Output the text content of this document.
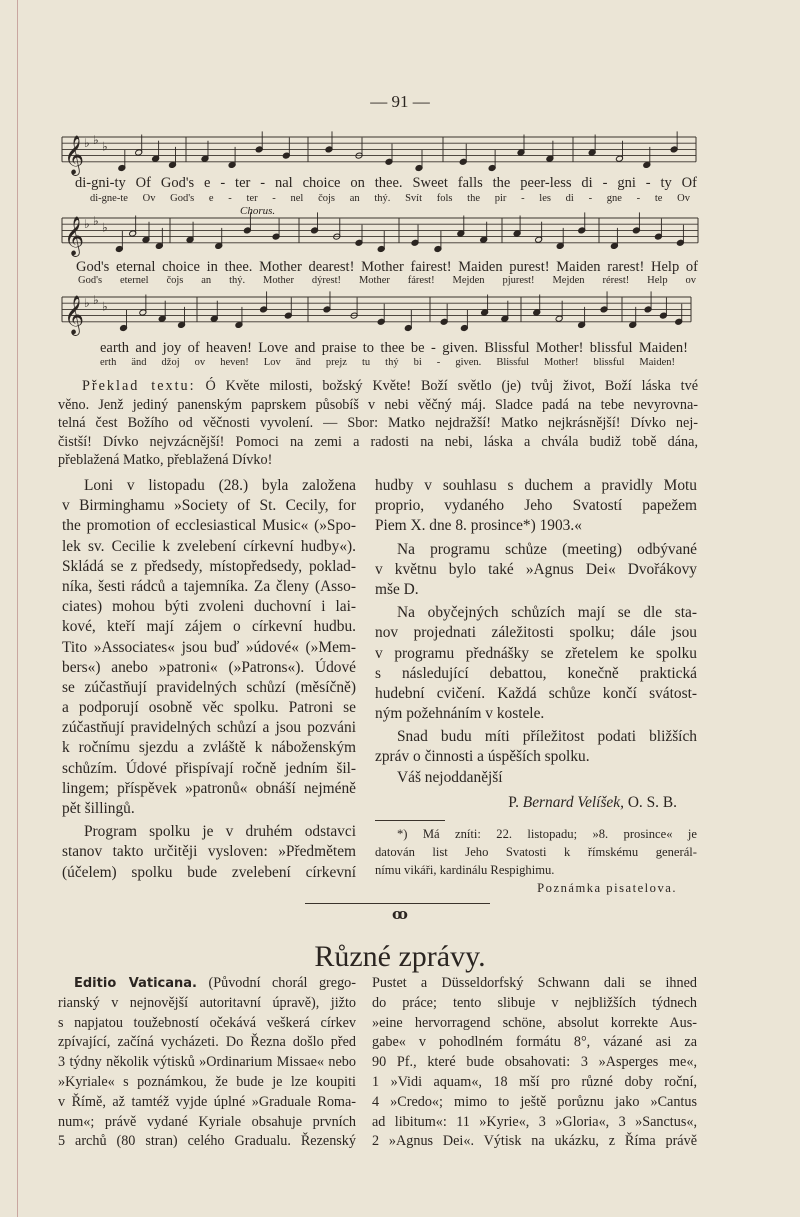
— 91 —
𝄞 ♭ ♭ ♭
𝄞 ♭ ♭ ♭
𝄞 ♭ ♭ ♭
Chorus.
di-gni-ty Of God's e - ter - nal choice on thee. Sweet falls the peer-less di - gni - ty Of
di-gne-te Ov God's e - ter - nel čojs an thý. Svít fols the pir - les di - gne - te Ov
God's eternal choice in thee. Mother dearest! Mother fairest! Maiden purest! Maiden rarest! Help of
God's eternel čojs an thý. Mother dýrest! Mother fárest! Mejden pjurest! Mejden rérest! Help ov
earth and joy of heaven! Love and praise to thee be - given. Blissful Mother! blissful Maiden!
erth änd džoj ov heven! Lov änd prejz tu thý bi - given. Blissful Mother! blissful Maiden!
Překlad textu: Ó Květe milosti, božský Květe! Boží světlo (je) tvůj život, Boží láska tvé
věno. Jenž jediný panenským paprskem působíš v nebi věčný máj. Sladce padá na tebe nevyrovna-
telná čest Božího od věčnosti vyvolení. — Sbor: Matko nejdražší! Matko nejkrásnější! Dívko nej-
čistší! Dívko nejvzácnější! Pomoci na zemi a radosti na nebi, láska a chvála budiž tobě dána,
přeblažená Matko, přeblažená Dívko!
Loni v listopadu (28.) byla založena
v Birminghamu »Society of St. Cecily, for
the promotion of ecclesiastical Music« (»Spo-
lek sv. Cecilie k zvelebení církevní hudby«).
Skládá se z předsedy, místopředsedy, poklad-
níka, šesti rádců a tajemníka. Za členy (Asso-
ciates) mohou býti zvoleni duchovní i lai-
kové, kteří mají zájem o církevní hudbu.
Tito »Associates« jsou buď »údové« (»Mem-
bers«) anebo »patroni« (»Patrons«). Údové
se zúčastňují pravidelných schůzí (měsíčně)
a podporují osobně věc spolku. Patroni se
zúčastňují pravidelných schůzí a jsou pozváni
k ročnímu sjezdu a zvláště k náboženským
schůzím. Údové přispívají ročně jedním šil-
lingem; příspěvek »patronů« obnáší nejméně
pět šillingů.
Program spolku je v druhém odstavci
stanov takto určitěji vysloven: »Předmětem
(účelem) spolku bude zvelebení církevní
hudby v souhlasu s duchem a pravidly Motu
proprio, vydaného Jeho Svatostí papežem
Piem X. dne 8. prosince*) 1903.«
Na programu schůze (meeting) odbývané
v květnu bylo také »Agnus Dei« Dvořákovy
mše D.
Na obyčejných schůzích mají se dle sta-
nov projednati záležitosti spolku; dále jsou
v programu přednášky se zřetelem ke spolku
s následující debattou, konečně praktická
hudební cvičení. Každá schůze končí svátost-
ným požehnáním v kostele.
Snad budu míti příležitost podati bližších
zpráv o činnosti a úspěších spolku.
Váš nejoddanější
P. Bernard Velíšek, O. S. B.
*) Má zníti: 22. listopadu; »8. prosince« je
datován list Jeho Svatosti k římskému generál-
nímu vikáři, kardinálu Respighimu.
Poznámka pisatelova.
ꝏ
Různé zprávy.
Editio Vaticana. (Původní chorál grego-
rianský v nejnovější autoritavní úpravě), jižto
s napjatou toužebností očekává veškerá církev
zpívající, začíná vycházeti. Do Řezna došlo před
3 týdny několik výtisků »Ordinarium Missae« nebo
»Kyriale« s poznámkou, že bude je lze koupiti
v Římě, až tamtéž vyjde úplné »Graduale Roma-
num«; právě vydané Kyriale obsahuje prvních
5 archů (80 stran) celého Gradualu. Řezenský
Pustet a Düsseldorfský Schwann dali se ihned
do práce; tento slibuje v nejbližších týdnech
»eine hervorragend schöne, absolut korrekte Aus-
gabe« v pohodlném formátu 8°, vázané asi za
90 Pf., které bude obsahovati: 3 »Asperges me«,
1 »Vidi aquam«, 18 mší pro různé doby roční,
4 »Credo«; mimo to ještě porůznu jako »Cantus
ad libitum«: 11 »Kyrie«, 3 »Gloria«, 3 »Sanctus«,
2 »Agnus Dei«. Výtisk na ukázku, z Říma právě
